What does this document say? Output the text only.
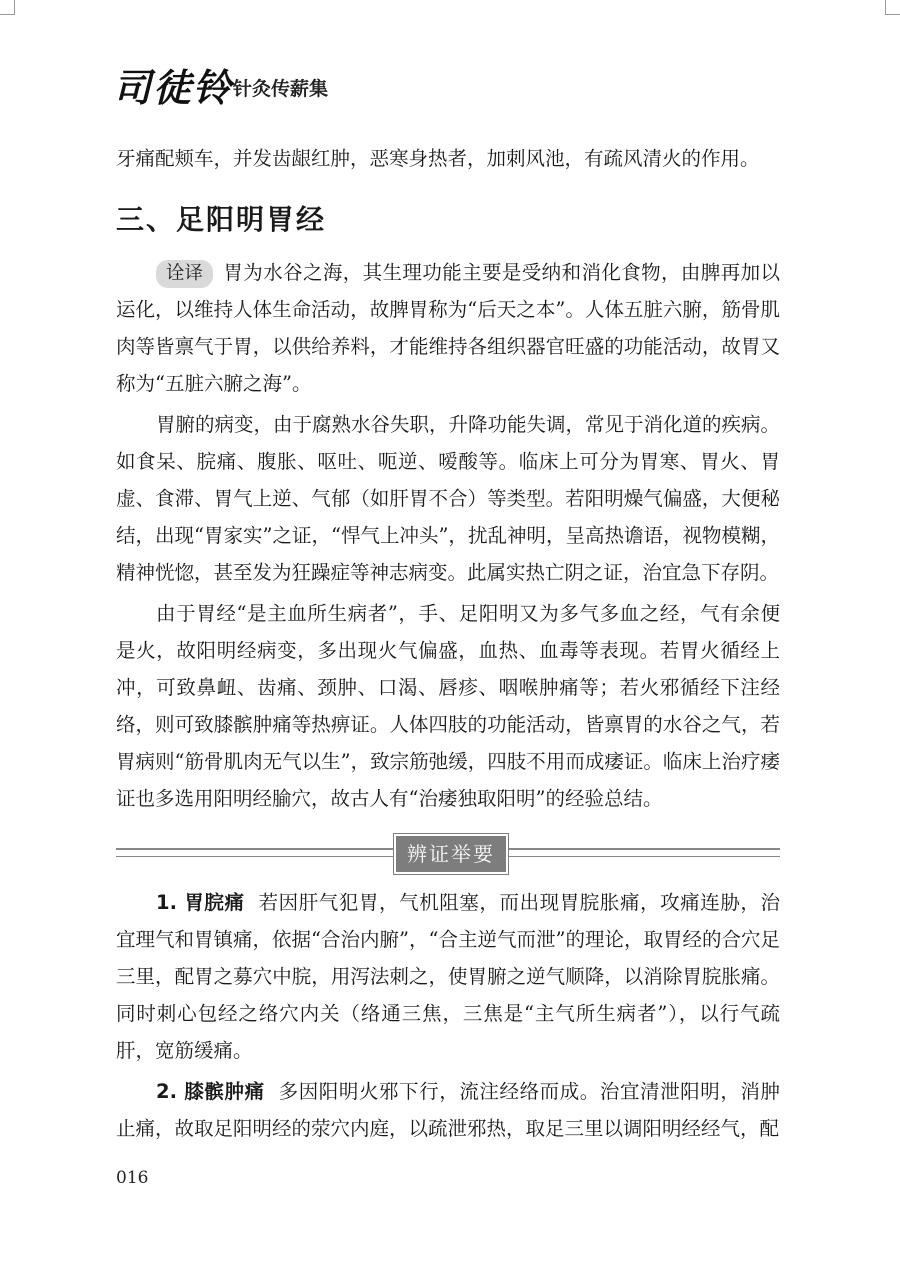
司徒铃 针灸传薪集

牙痛配颊车，并发齿龈红肿，恶寒身热者，加刺风池，有疏风清火的作用。

三、足阳明胃经

诠译 胃为水谷之海，其生理功能主要是受纳和消化食物，由脾再加以运化，以维持人体生命活动，故脾胃称为“后天之本”。人体五脏六腑，筋骨肌肉等皆禀气于胃，以供给养料，才能维持各组织器官旺盛的功能活动，故胃又称为“五脏六腑之海”。

胃腑的病变，由于腐熟水谷失职，升降功能失调，常见于消化道的疾病。如食呆、脘痛、腹胀、呕吐、呃逆、嗳酸等。临床上可分为胃寒、胃火、胃虚、食滞、胃气上逆、气郁（如肝胃不合）等类型。若阳明燥气偏盛，大便秘结，出现“胃家实”之证，“悍气上冲头”，扰乱神明，呈高热谵语，视物模糊，精神恍惚，甚至发为狂躁症等神志病变。此属实热亡阴之证，治宜急下存阴。

由于胃经“是主血所生病者”，手、足阳明又为多气多血之经，气有余便是火，故阳明经病变，多出现火气偏盛，血热、血毒等表现。若胃火循经上冲，可致鼻衄、齿痛、颈肿、口渴、唇疹、咽喉肿痛等；若火邪循经下注经络，则可致膝髌肿痛等热痹证。人体四肢的功能活动，皆禀胃的水谷之气，若胃病则“筋骨肌肉无气以生”，致宗筋弛缓，四肢不用而成痿证。临床上治疗痿证也多选用阳明经腧穴，故古人有“治痿独取阳明”的经验总结。

辨证举要

1. 胃脘痛 若因肝气犯胃，气机阻塞，而出现胃脘胀痛，攻痛连胁，治宜理气和胃镇痛，依据“合治内腑”，“合主逆气而泄”的理论，取胃经的合穴足三里，配胃之募穴中脘，用泻法刺之，使胃腑之逆气顺降，以消除胃脘胀痛。同时刺心包经之络穴内关（络通三焦，三焦是“主气所生病者”），以行气疏肝，宽筋缓痛。

2. 膝髌肿痛 多因阳明火邪下行，流注经络而成。治宜清泄阳明，消肿止痛，故取足阳明经的荥穴内庭，以疏泄邪热，取足三里以调阳明经经气，配

016
